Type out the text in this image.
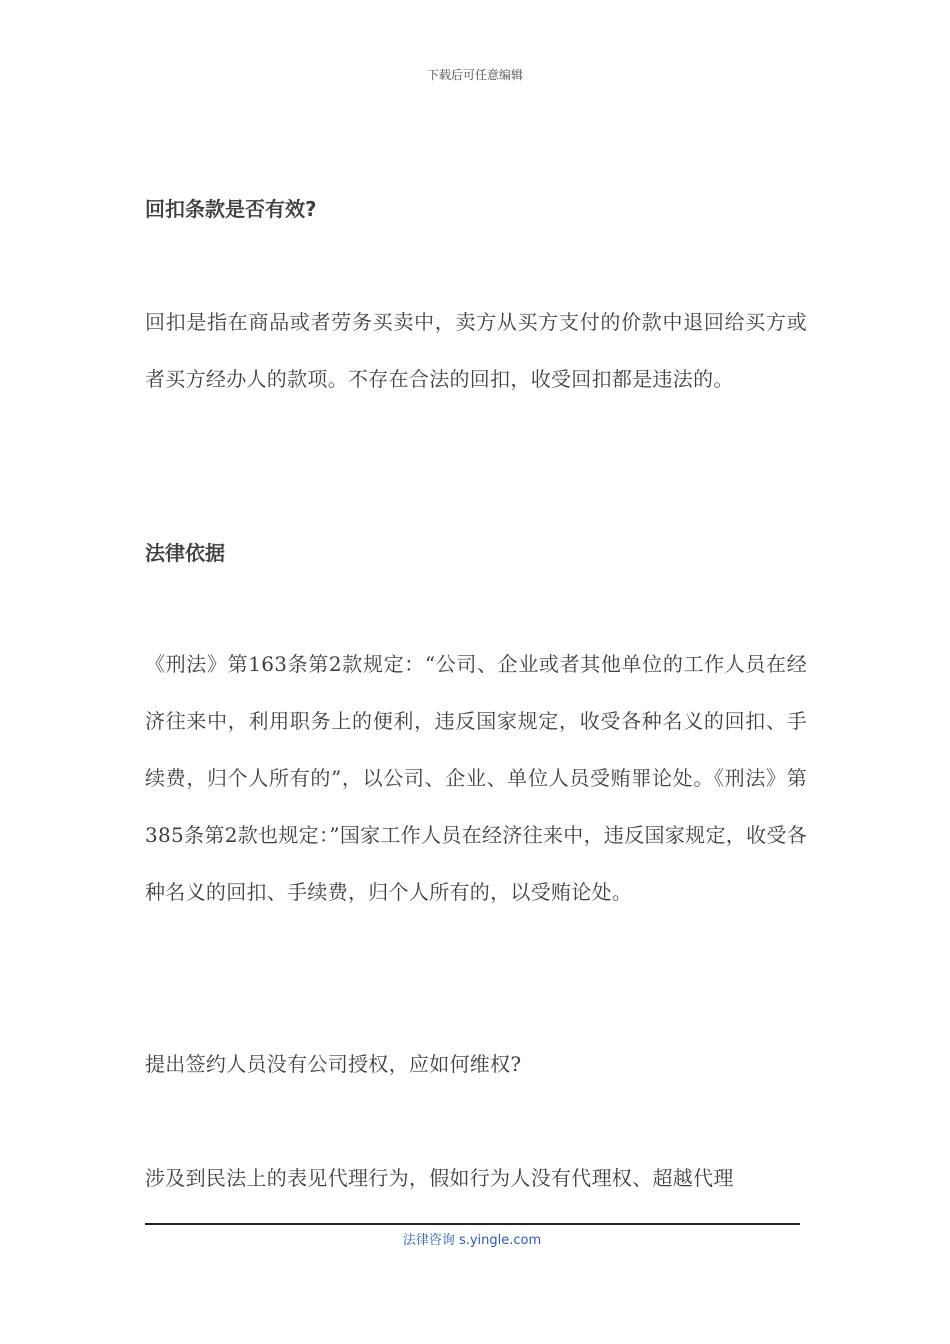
下载后可任意编辑
回扣条款是否有效?
回扣是指在商品或者劳务买卖中，卖方从买方支付的价款中退回给买方或者买方经办人的款项。不存在合法的回扣，收受回扣都是违法的。
法律依据
《刑法》第163条第2款规定：“公司、企业或者其他单位的工作人员在经济往来中，利用职务上的便利，违反国家规定，收受各种名义的回扣、手续费，归个人所有的”，以公司、企业、单位人员受贿罪论处。《刑法》第385条第2款也规定：”国家工作人员在经济往来中，违反国家规定，收受各种名义的回扣、手续费，归个人所有的，以受贿论处。
提出签约人员没有公司授权，应如何维权?
涉及到民法上的表见代理行为，假如行为人没有代理权、超越代理
法律咨询 s.yingle.com
